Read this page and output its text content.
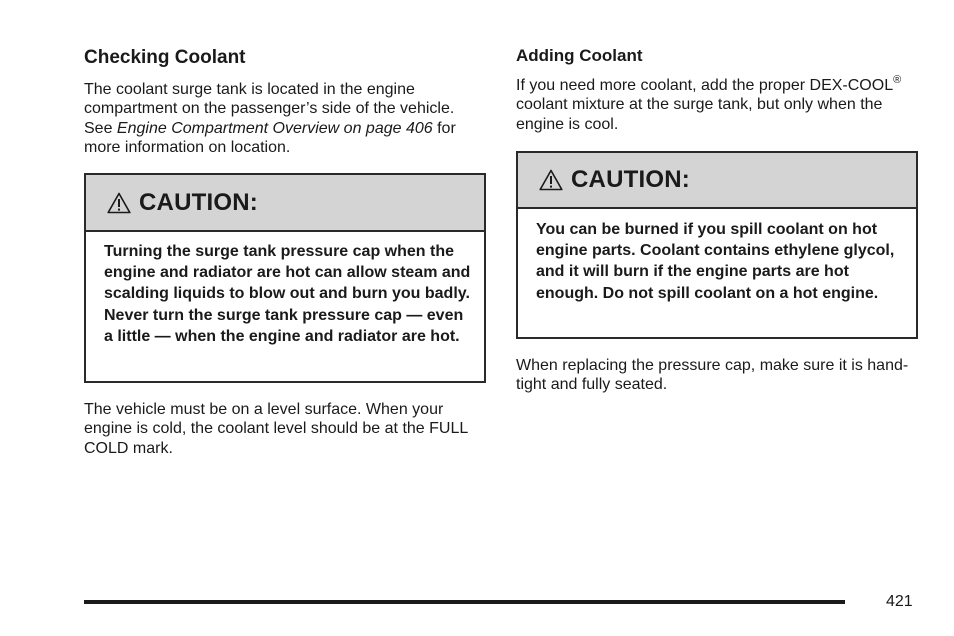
Checking Coolant

The coolant surge tank is located in the engine compartment on the passenger’s side of the vehicle. See Engine Compartment Overview on page 406 for more information on location.

The vehicle must be on a level surface. When your engine is cold, the coolant level should be at the FULL COLD mark.

CAUTION:
Turning the surge tank pressure cap when the engine and radiator are hot can allow steam and scalding liquids to blow out and burn you badly. Never turn the surge tank pressure cap — even a little — when the engine and radiator are hot.
Adding Coolant

If you need more coolant, add the proper DEX-COOL® coolant mixture at the surge tank, but only when the engine is cool.

When replacing the pressure cap, make sure it is hand-tight and fully seated.

CAUTION:
You can be burned if you spill coolant on hot engine parts. Coolant contains ethylene glycol, and it will burn if the engine parts are hot enough. Do not spill coolant on a hot engine.
421
